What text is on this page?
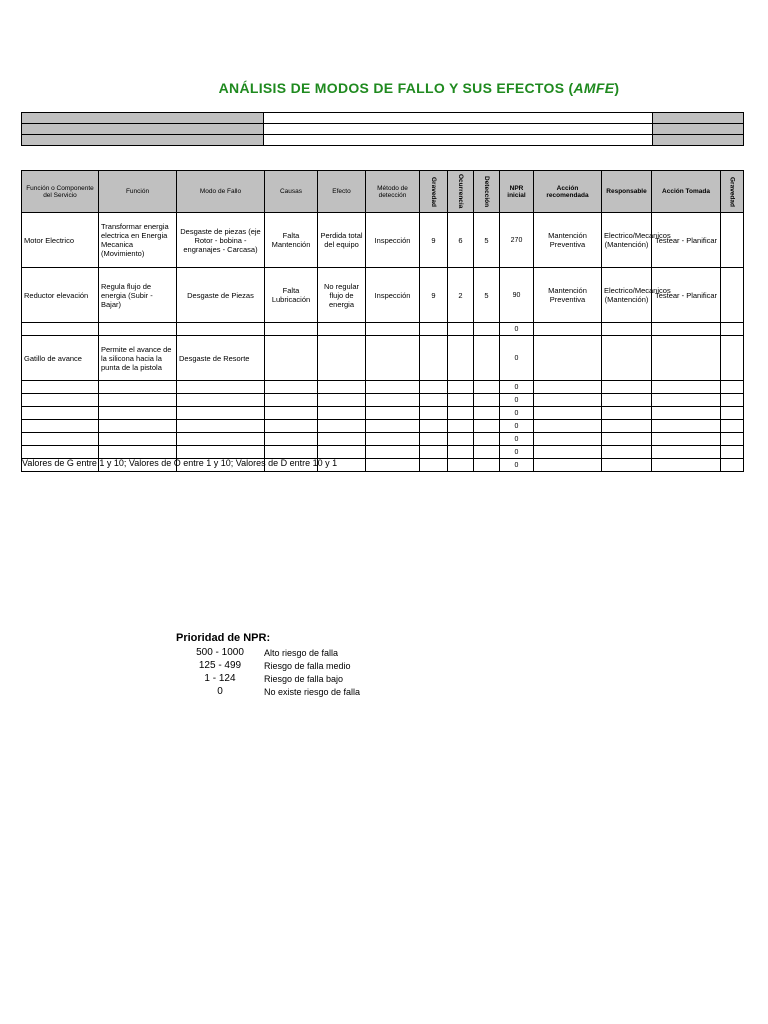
ANÁLISIS DE MODOS DE FALLO Y SUS EFECTOS (AMFE)

Función o Componente del Servicio	Función	Modo de Fallo	Causas	Efecto	Método de detección	Gravedad	Ocurrencia	Detección	NPR inicial	Acción recomendada	Responsable	Acción Tomada	Gravedad

Motor Electrico	Transformar energia electrica en Energia Mecanica (Movimiento)	Desgaste de piezas (eje Rotor - bobina - engranajes - Carcasa)	Falta Mantención	Perdida total del equipo	Inspección	9	6	5	270	Mantención Preventiva	Electrico/Mecanicos (Mantención)	Testear - Planificar	
Reductor elevación	Regula flujo de energia (Subir - Bajar)	Desgaste de Piezas	Falta Lubricación	No regular flujo de energia	Inspección	9	2	5	90	Mantención Preventiva	Electrico/Mecanicos (Mantención)	Testear - Planificar	
									0				
Gatillo de avance	Permite el avance de la silicona hacia la punta de la pistola	Desgaste de Resorte							0				
									0				
									0				
									0				
									0				
									0				
									0				
									0				
Valores de G entre 1 y 10; Valores de O entre 1 y 10; Valores de D entre 10 y 1
Prioridad de NPR:
500 - 1000	Alto riesgo de falla
125 - 499	Riesgo de falla medio
1 - 124	Riesgo de falla bajo
0	No existe riesgo de falla
